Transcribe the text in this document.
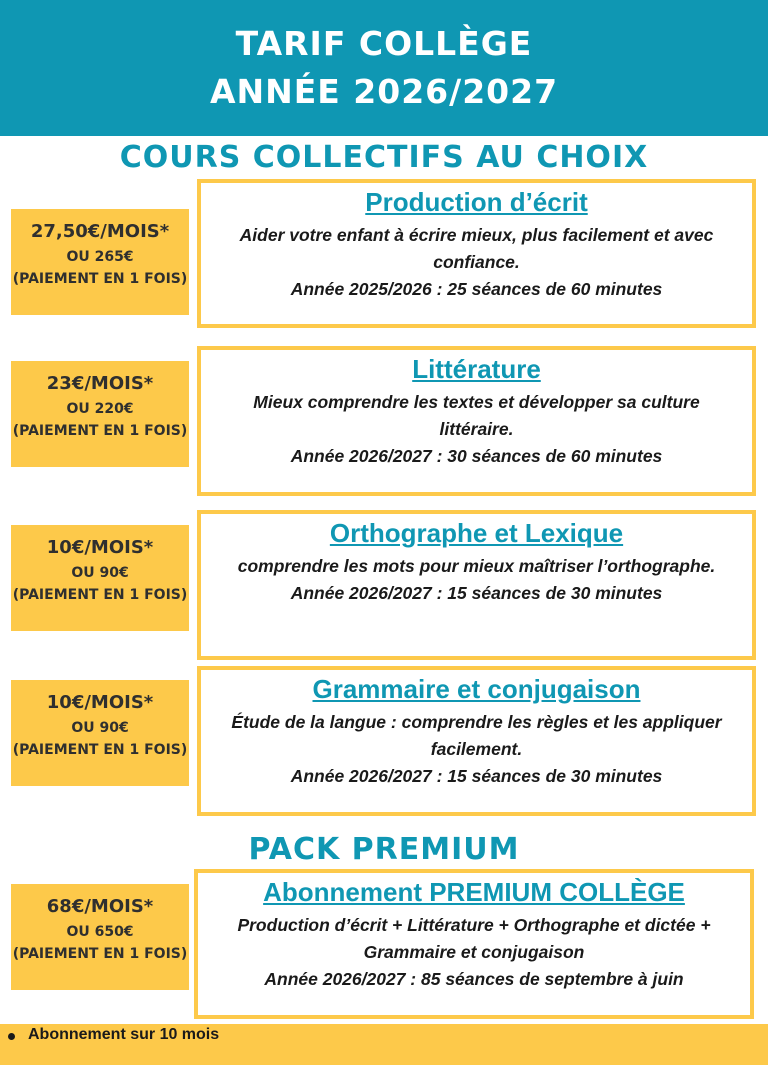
TARIF COLLÈGE
ANNÉE 2026/2027
COURS COLLECTIFS AU CHOIX
27,50€/MOIS*
OU 265€
(PAIEMENT EN 1 FOIS)
Production d’écrit
Aider votre enfant à écrire mieux, plus facilement et avec confiance.
Année 2025/2026 : 25 séances de 60 minutes
23€/MOIS*
OU 220€
(PAIEMENT EN 1 FOIS)
Littérature
Mieux comprendre les textes et développer sa culture littéraire.
Année 2026/2027 : 30 séances de 60 minutes
10€/MOIS*
OU 90€
(PAIEMENT EN 1 FOIS)
Orthographe et Lexique
comprendre les mots pour mieux maîtriser l’orthographe.
Année 2026/2027 : 15 séances de 30 minutes
10€/MOIS*
OU 90€
(PAIEMENT EN 1 FOIS)
Grammaire et conjugaison
Étude de la langue : comprendre les règles et les appliquer facilement.
Année 2026/2027 : 15 séances de 30 minutes
PACK PREMIUM
68€/MOIS*
OU 650€
(PAIEMENT EN 1 FOIS)
Abonnement PREMIUM COLLÈGE
Production d’écrit + Littérature + Orthographe et dictée + Grammaire et conjugaison
Année 2026/2027 : 85 séances de septembre à juin
Abonnement sur 10 mois
